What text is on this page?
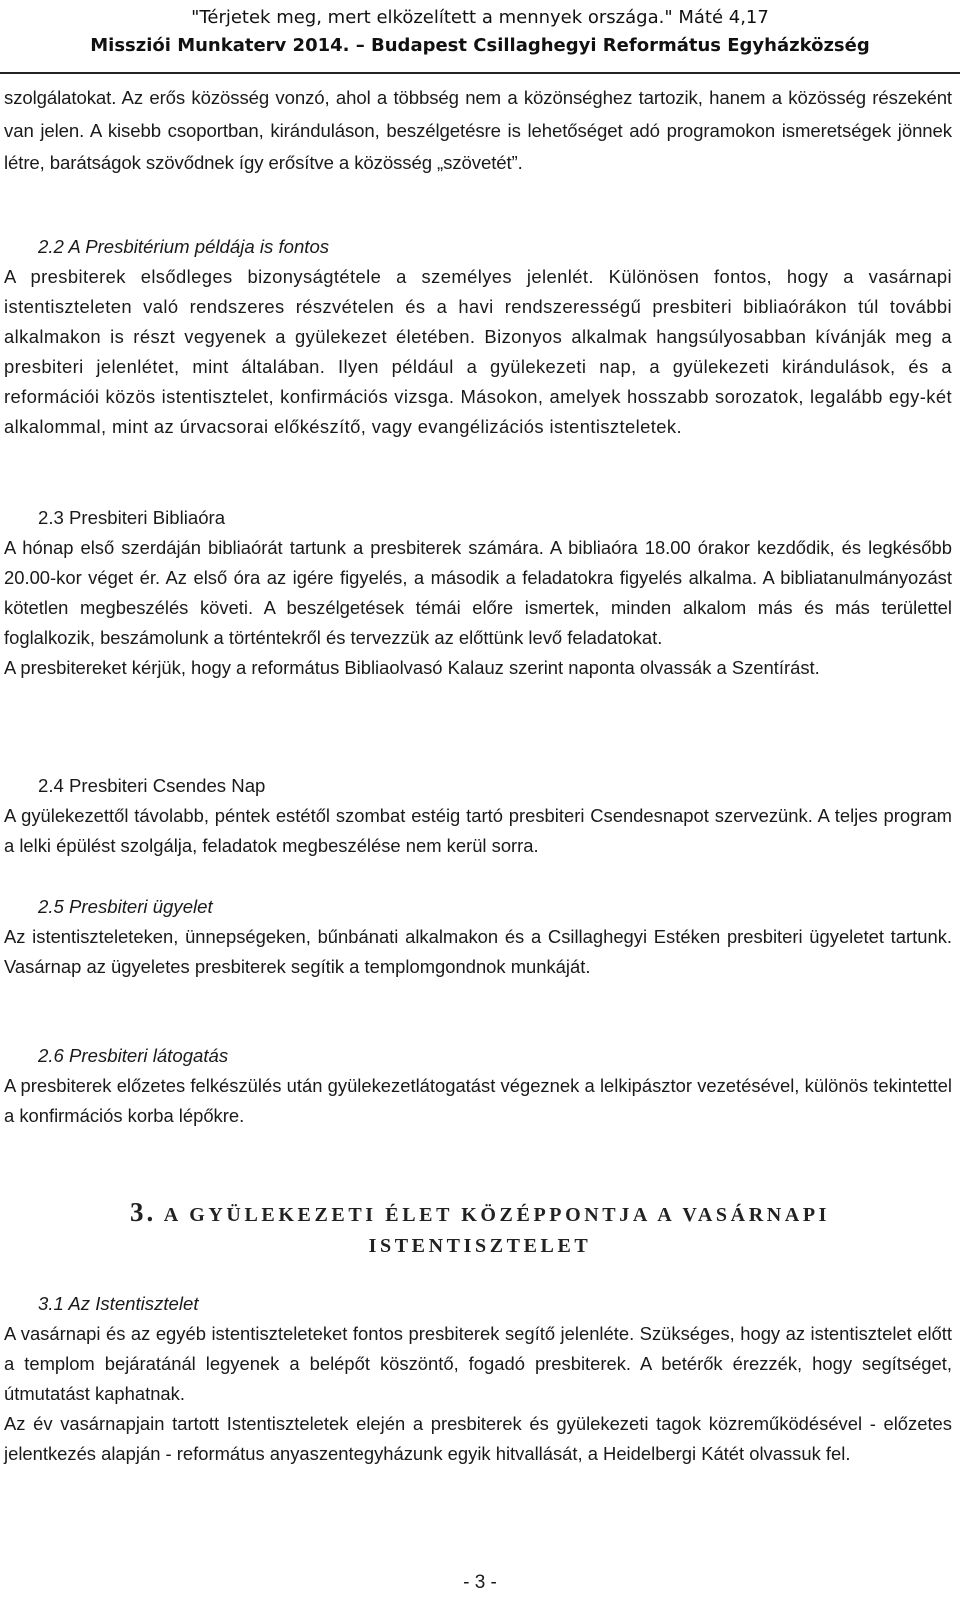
"Térjetek meg, mert elközelített a mennyek országa." Máté 4,17
Missziói Munkaterv 2014. – Budapest Csillaghegyi Református Egyházközség

szolgálatokat. Az erős közösség vonzó, ahol a többség nem a közönséghez tartozik, hanem a közösség részeként van jelen. A kisebb csoportban, kiránduláson, beszélgetésre is lehetőséget adó programokon ismeretségek jönnek létre, barátságok szövődnek így erősítve a közösség „szövetét”.

2.2 A Presbitérium példája is fontos

A presbiterek elsődleges bizonyságtétele a személyes jelenlét. Különösen fontos, hogy a vasárnapi istentiszteleten való rendszeres részvételen és a havi rendszerességű presbiteri bibliaórákon túl további alkalmakon is részt vegyenek a gyülekezet életében. Bizonyos alkalmak hangsúlyosabban kívánják meg a presbiteri jelenlétet, mint általában. Ilyen például a gyülekezeti nap, a gyülekezeti kirándulások, és a reformációi közös istentisztelet, konfirmációs vizsga. Másokon, amelyek hosszabb sorozatok, legalább egy-két alkalommal, mint az úrvacsorai előkészítő, vagy evangélizációs istentiszteletek.

2.3 Presbiteri Bibliaóra

A hónap első szerdáján bibliaórát tartunk a presbiterek számára. A bibliaóra 18.00 órakor kezdődik, és legkésőbb 20.00-kor véget ér. Az első óra az igére figyelés, a második a feladatokra figyelés alkalma. A bibliatanulmányozást kötetlen megbeszélés követi. A beszélgetések témái előre ismertek, minden alkalom más és más területtel foglalkozik, beszámolunk a történtekről és tervezzük az előttünk levő feladatokat.

A presbitereket kérjük, hogy a református Bibliaolvasó Kalauz szerint naponta olvassák a Szentírást.

2.4 Presbiteri Csendes Nap

A gyülekezettől távolabb, péntek estétől szombat estéig tartó presbiteri Csendesnapot szervezünk. A teljes program a lelki épülést szolgálja, feladatok megbeszélése nem kerül sorra.

2.5 Presbiteri ügyelet

Az istentiszteleteken, ünnepségeken, bűnbánati alkalmakon és a Csillaghegyi Estéken presbiteri ügyeletet tartunk. Vasárnap az ügyeletes presbiterek segítik a templomgondnok munkáját.

2.6 Presbiteri látogatás

A presbiterek előzetes felkészülés után gyülekezetlátogatást végeznek a lelkipásztor vezetésével, különös tekintettel a konfirmációs korba lépőkre.

3. A GYÜLEKEZETI ÉLET KÖZÉPPONTJA A VASÁRNAPI
ISTENTISZTELET
3.1 Az Istentisztelet

A vasárnapi és az egyéb istentiszteleteket fontos presbiterek segítő jelenléte. Szükséges, hogy az istentisztelet előtt a templom bejáratánál legyenek a belépőt köszöntő, fogadó presbiterek. A betérők érezzék, hogy segítséget, útmutatást kaphatnak.

Az év vasárnapjain tartott Istentiszteletek elején a presbiterek és gyülekezeti tagok közreműködésével - előzetes jelentkezés alapján - református anyaszentegyházunk egyik hitvallását, a Heidelbergi Kátét olvassuk fel.

- 3 -
